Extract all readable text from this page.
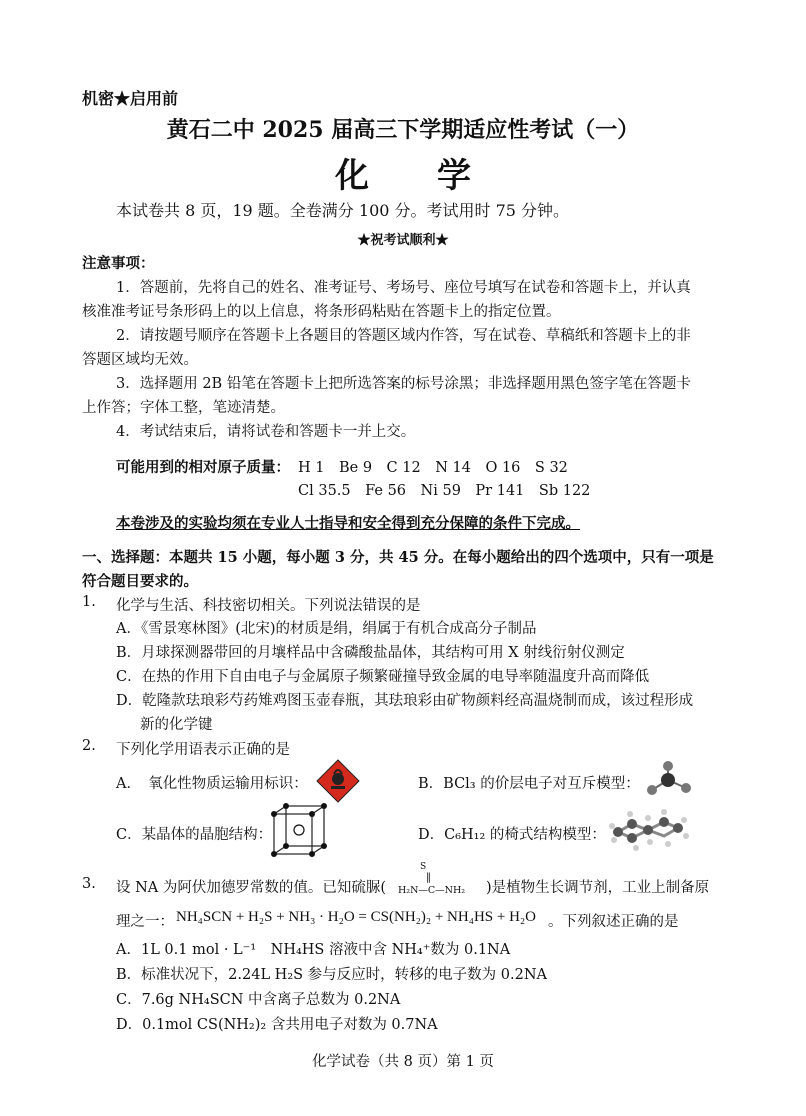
机密★启用前
黄石二中 2025 届高三下学期适应性考试（一）
化　　学
本试卷共 8 页，19 题。全卷满分 100 分。考试用时 75 分钟。
★祝考试顺利★
注意事项：
1．答题前，先将自己的姓名、准考证号、考场号、座位号填写在试卷和答题卡上，并认真
核准准考证号条形码上的以上信息，将条形码粘贴在答题卡上的指定位置。
2．请按题号顺序在答题卡上各题目的答题区域内作答，写在试卷、草稿纸和答题卡上的非
答题区域均无效。
3．选择题用 2B 铅笔在答题卡上把所选答案的标号涂黑；非选择题用黑色签字笔在答题卡
上作答；字体工整，笔迹清楚。
4．考试结束后，请将试卷和答题卡一并上交。
可能用到的相对原子质量： H 1　Be 9　C 12　N 14　O 16　S 32
Cl 35.5　Fe 56　Ni 59　Pr 141　Sb 122
本卷涉及的实验均须在专业人士指导和安全得到充分保障的条件下完成。
一、选择题：本题共 15 小题，每小题 3 分，共 45 分。在每小题给出的四个选项中，只有一项是
符合题目要求的。
1. 化学与生活、科技密切相关。下列说法错误的是
A．《雪景寒林图》(北宋)的材质是绢，绢属于有机合成高分子制品
B．月球探测器带回的月壤样品中含磷酸盐晶体，其结构可用 X 射线衍射仪测定
C．在热的作用下自由电子与金属原子频繁碰撞导致金属的电导率随温度升高而降低
D．乾隆款珐琅彩芍药雉鸡图玉壶春瓶，其珐琅彩由矿物颜料经高温烧制而成，该过程形成
新的化学键
2. 下列化学用语表示正确的是
A．　氧化性物质运输用标识：	B．BCl₃ 的价层电子对互斥模型：
C．某晶体的晶胞结构：	D．C₆H₁₂ 的椅式结构模型：
3. 设 NA 为阿伏加德罗常数的值。已知硫脲(
S
‖
H₂N—C—NH₂ )是植物生长调节剂，工业上制备原
理之一： NH₄SCN + H₂S + NH₃ · H₂O = CS(NH₂)₂ + NH₄HS + H₂O 。下列叙述正确的是
A．1L 0.1 mol · L⁻¹　NH₄HS 溶液中含 NH₄⁺数为 0.1NA
B．标准状况下，2.24L H₂S 参与反应时，转移的电子数为 0.2NA
C．7.6g NH₄SCN 中含离子总数为 0.2NA
D．0.1mol CS(NH₂)₂ 含共用电子对数为 0.7NA
化学试卷（共 8 页）第 1 页
